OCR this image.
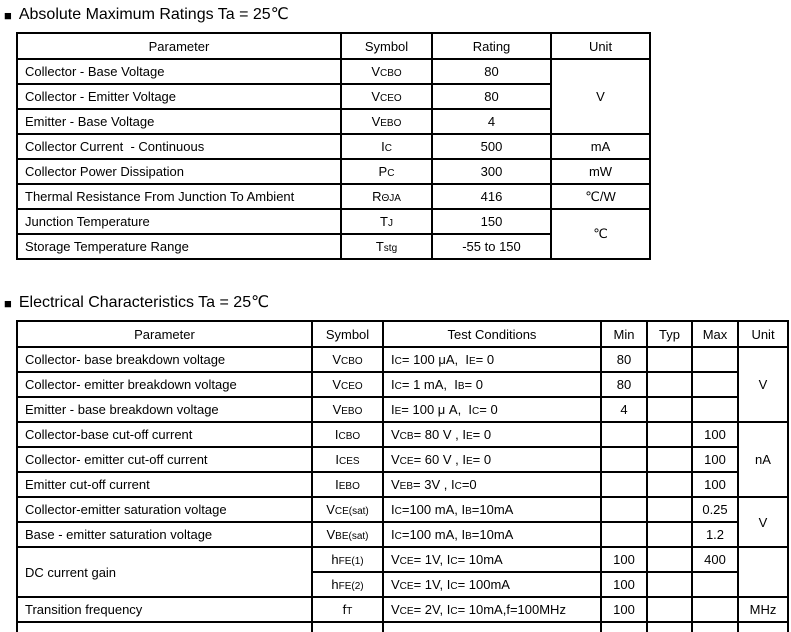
■ Absolute Maximum Ratings Ta = 25℃
Parameter	Symbol	Rating	Unit
Collector - Base Voltage	VCBO	80	V
Collector - Emitter Voltage	VCEO	80	
Emitter - Base Voltage	VEBO	4	
Collector Current  - Continuous	IC	500	mA
Collector Power Dissipation	PC	300	mW
Thermal Resistance From Junction To Ambient	RΘJA	416	℃/W
Junction Temperature	TJ	150	℃
Storage Temperature Range	Tstg	-55 to 150	
■ Electrical Characteristics Ta = 25℃
Parameter	Symbol	Test Conditions	Min	Typ	Max	Unit
Collector- base breakdown voltage	VCBO	IC= 100 μA,  IE= 0	80			V
Collector- emitter breakdown voltage	VCEO	IC= 1 mA,  IB= 0	80			
Emitter - base breakdown voltage	VEBO	IE= 100 μ A,  IC= 0	4			
Collector-base cut-off current	ICBO	VCB= 80 V , IE= 0			100	nA
Collector- emitter cut-off current	ICES	VCE= 60 V , IE= 0			100	
Emitter cut-off current	IEBO	VEB= 3V , IC=0			100	
Collector-emitter saturation voltage	VCE(sat)	IC=100 mA, IB=10mA			0.25	V
Base - emitter saturation voltage	VBE(sat)	IC=100 mA, IB=10mA			1.2	
DC current gain	hFE(1)	VCE= 1V, IC= 10mA	100		400	
	hFE(2)	VCE= 1V, IC= 100mA	100			
Transition frequency	fT	VCE= 2V, IC= 10mA,f=100MHz	100			MHz
